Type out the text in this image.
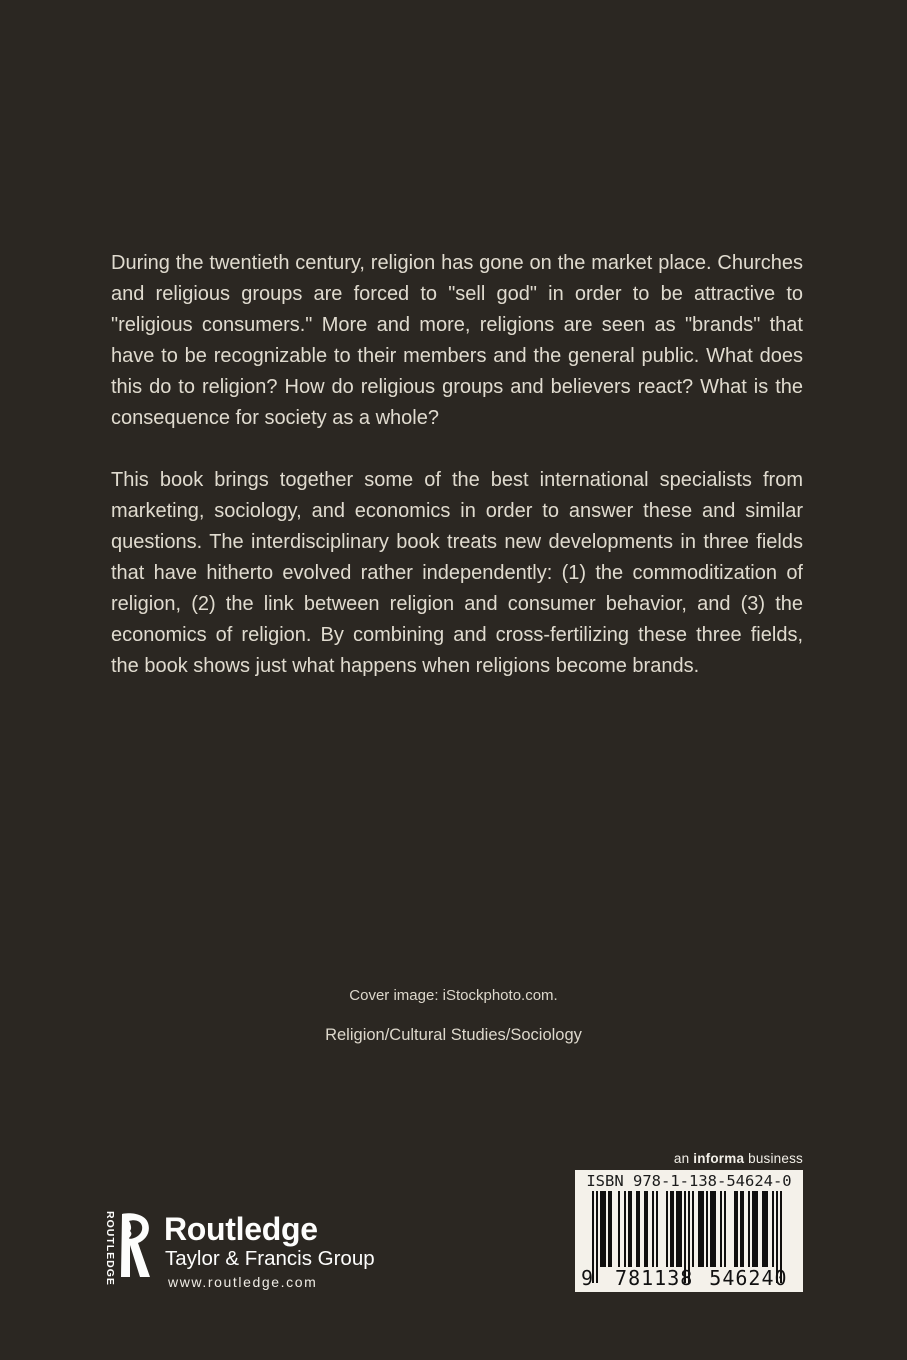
During the twentieth century, religion has gone on the market place. Churches and religious groups are forced to "sell god" in order to be attractive to "religious consumers." More and more, religions are seen as "brands" that have to be recognizable to their members and the general public. What does this do to religion? How do religious groups and believers react? What is the consequence for society as a whole?

This book brings together some of the best international specialists from marketing, sociology, and economics in order to answer these and similar questions. The interdisciplinary book treats new developments in three fields that have hitherto evolved rather independently: (1) the commoditization of religion, (2) the link between religion and consumer behavior, and (3) the economics of religion. By combining and cross-fertilizing these three fields, the book shows just what happens when religions become brands.

Cover image: iStockphoto.com.

Religion/Cultural Studies/Sociology

an informa business
ISBN 978-1-138-54624-0
9 781138 546240
ROUTLEDGE Routledge
Taylor & Francis Group
www.routledge.com
